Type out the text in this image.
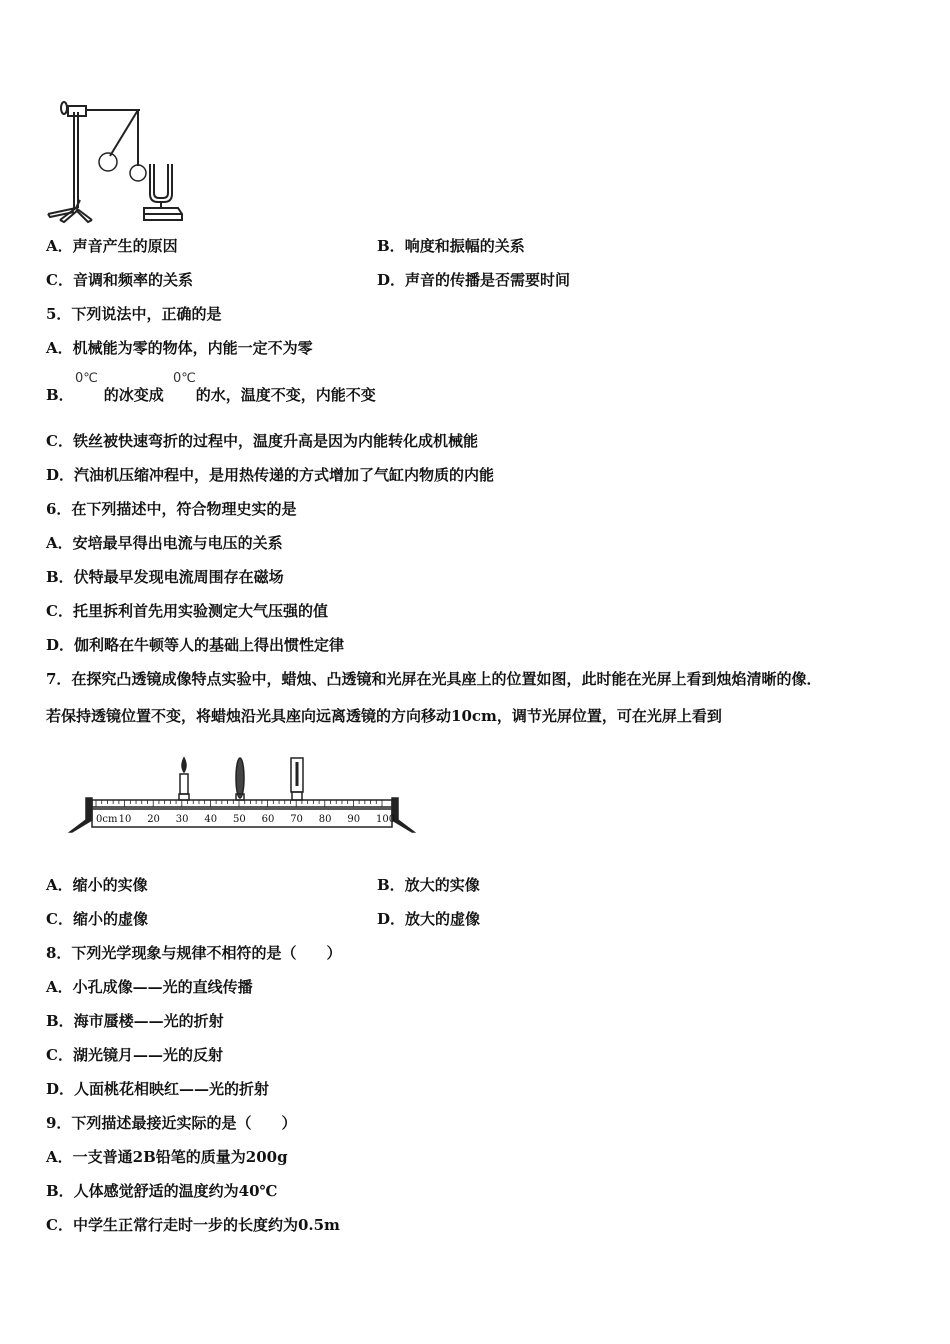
A．声音产生的原因	B．响度和振幅的关系
C．音调和频率的关系	D．声音的传播是否需要时间
5．下列说法中，正确的是
A．机械能为零的物体，内能一定不为零
B． 的冰变成 的水，温度不变，内能不变
0℃	0℃
C．铁丝被快速弯折的过程中，温度升高是因为内能转化成机械能
D．汽油机压缩冲程中，是用热传递的方式增加了气缸内物质的内能
6．在下列描述中，符合物理史实的是
A．安培最早得出电流与电压的关系
B．伏特最早发现电流周围存在磁场
C．托里拆利首先用实验测定大气压强的值
D．伽利略在牛顿等人的基础上得出惯性定律
7．在探究凸透镜成像特点实验中，蜡烛、凸透镜和光屏在光具座上的位置如图，此时能在光屏上看到烛焰清晰的像．
若保持透镜位置不变，将蜡烛沿光具座向远离透镜的方向移动10cm，调节光屏位置，可在光屏上看到
0cm 10 20 30 40 50 60 70 80 90 100
A．缩小的实像	B．放大的实像
C．缩小的虚像	D．放大的虚像
8．下列光学现象与规律不相符的是（　　）
A．小孔成像——光的直线传播
B．海市蜃楼——光的折射
C．湖光镜月——光的反射
D．人面桃花相映红——光的折射
9．下列描述最接近实际的是（　　）
A．一支普通2B铅笔的质量为200g
B．人体感觉舒适的温度约为40℃
C．中学生正常行走时一步的长度约为0.5m
